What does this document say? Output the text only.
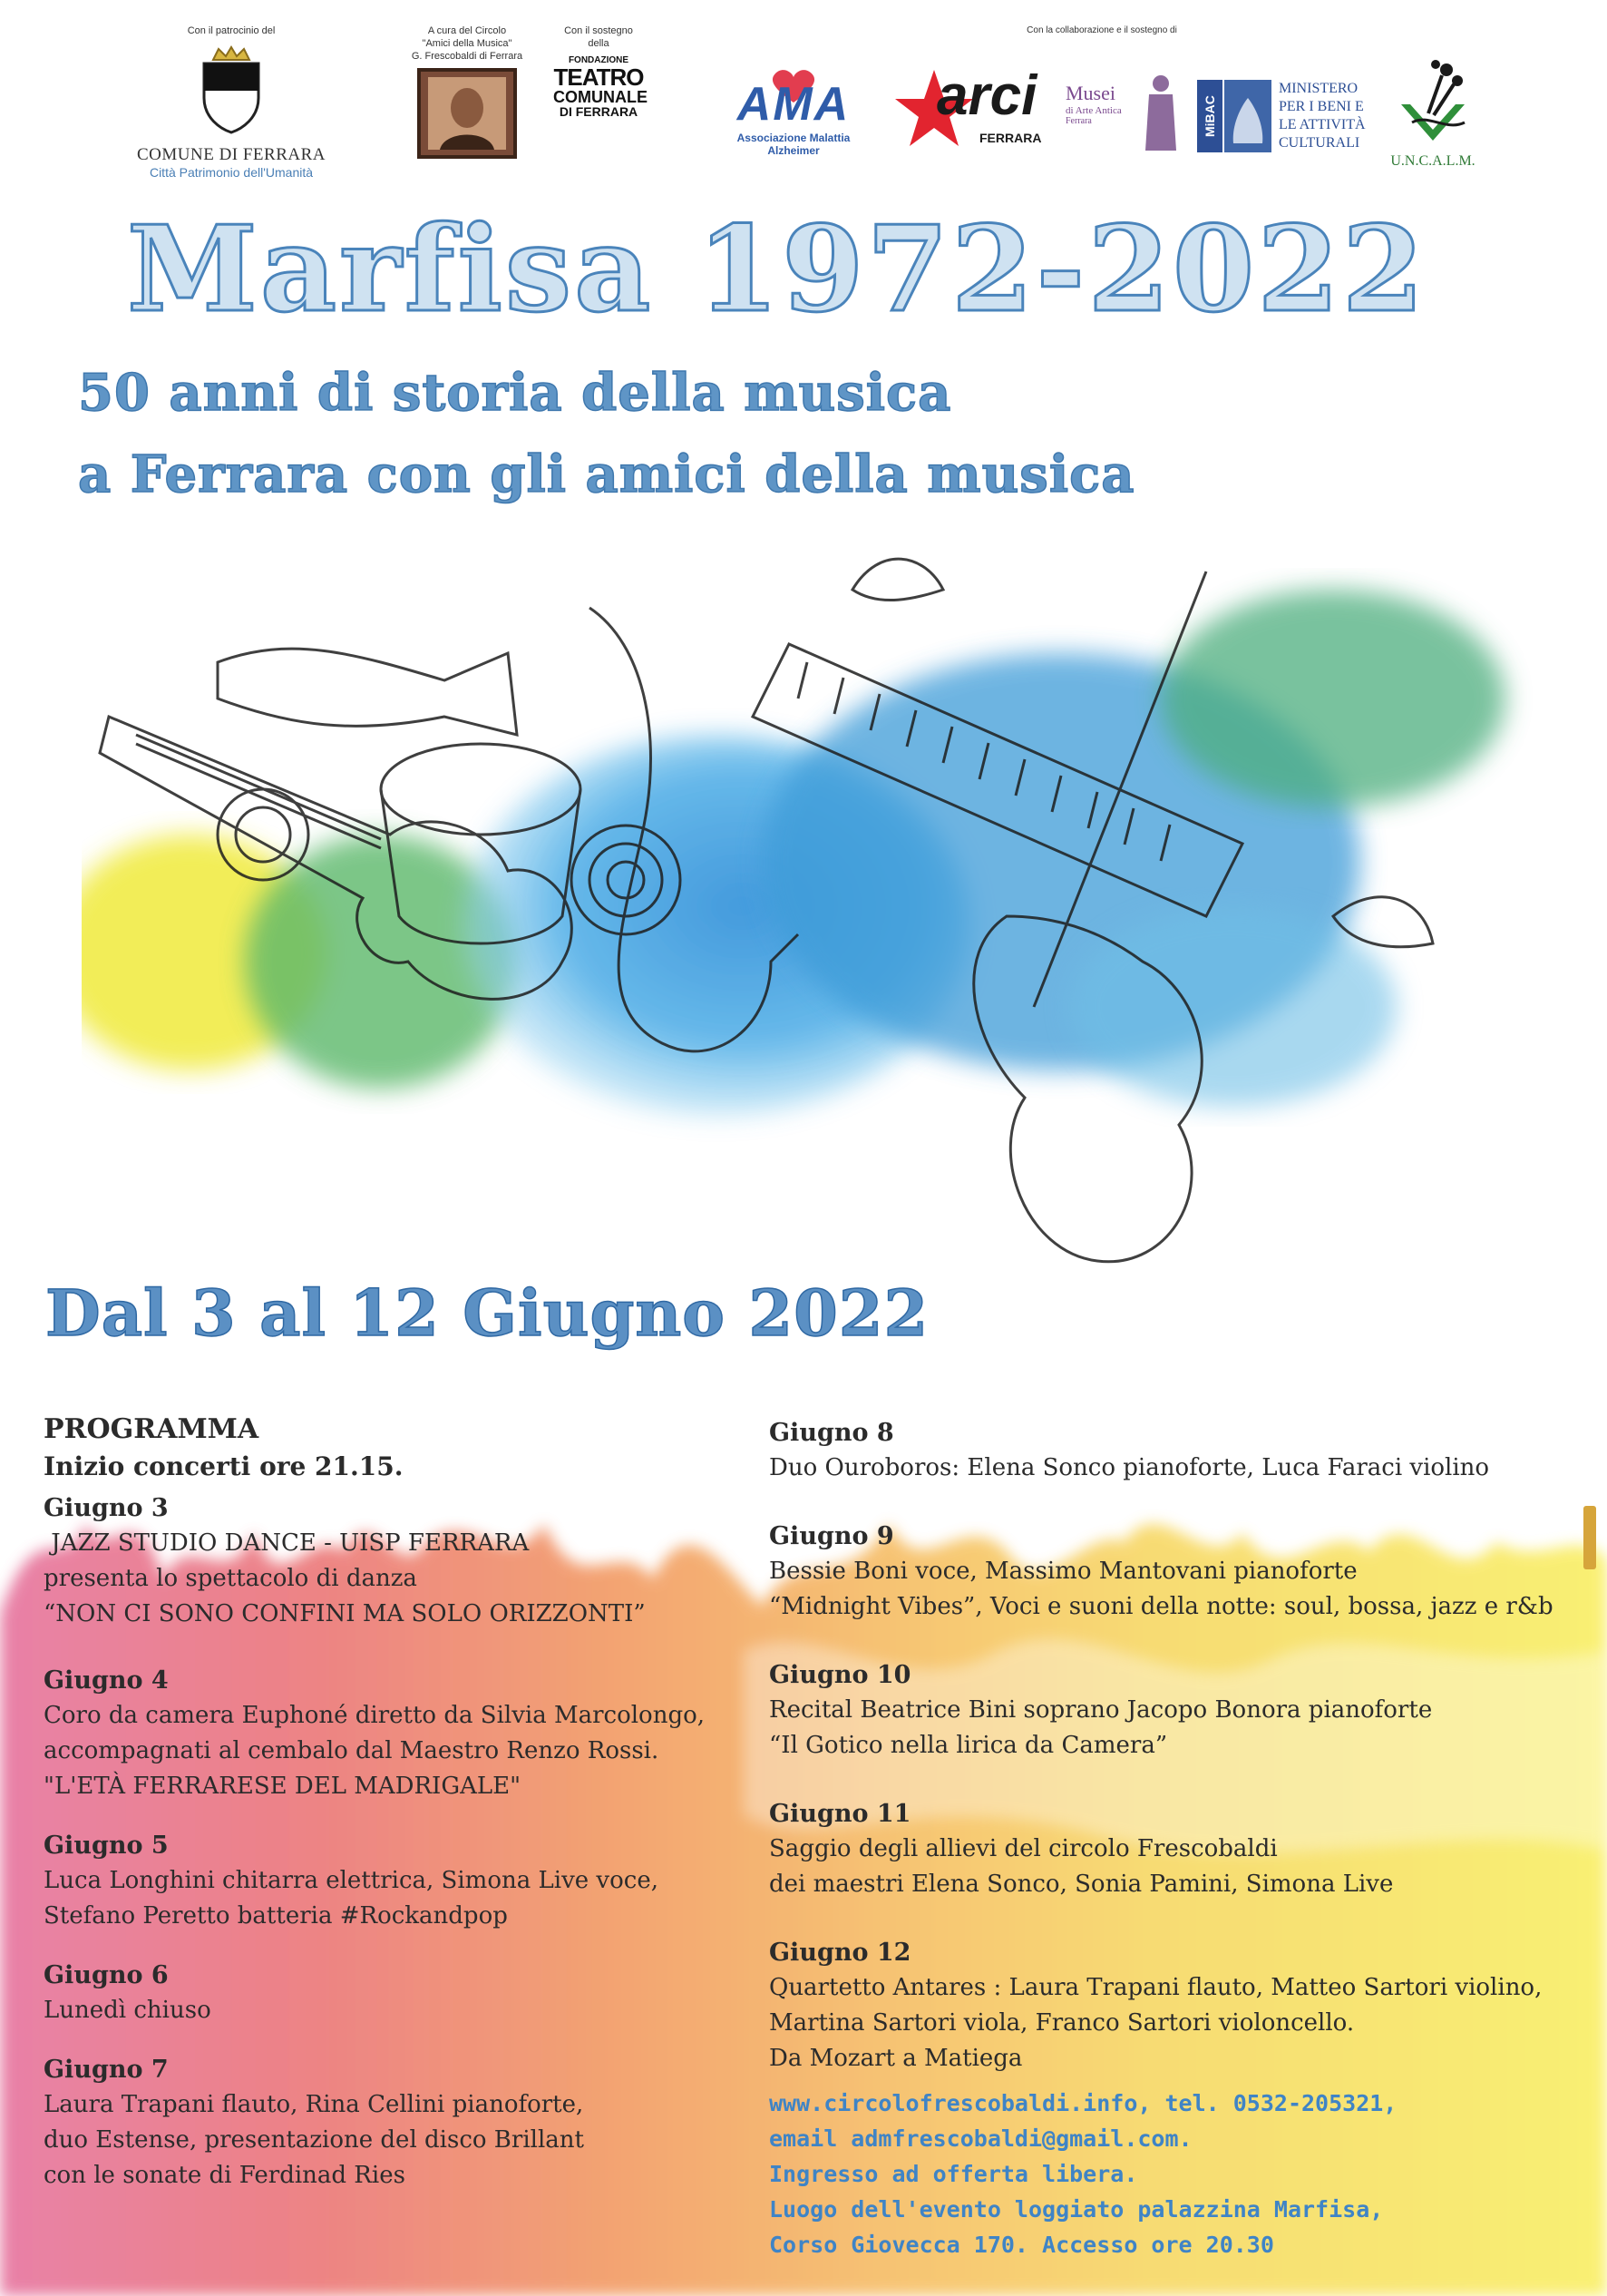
Con il patrocinio del
COMUNE DI FERRARA
Città Patrimonio dell'Umanità
A cura del Circolo
"Amici della Musica"
G. Frescobaldi di Ferrara
Con il sostegno
della
FONDAZIONE
TEATRO
COMUNALE
DI FERRARA
Con la collaborazione e il sostegno di
AMA
Associazione Malattia Alzheimer
arci
FERRARA
Musei
di Arte Antica
Ferrara	MiBAC
MINISTERO
PER I BENI E
LE ATTIVITÀ
CULTURALI
U.N.C.A.L.M.
Marfisa 1972-2022
50 anni di storia della musica
a Ferrara con gli amici della musica
Dal 3 al 12 Giugno 2022
PROGRAMMA
Inizio concerti ore 21.15.
Giugno 3
JAZZ STUDIO DANCE - UISP FERRARA
presenta lo spettacolo di danza
“NON CI SONO CONFINI MA SOLO ORIZZONTI”
Giugno 4
Coro da camera Euphoné diretto da Silvia Marcolongo,
accompagnati al cembalo dal Maestro Renzo Rossi.
"L'ETÀ FERRARESE DEL MADRIGALE"
Giugno 5
Luca Longhini chitarra elettrica, Simona Live voce,
Stefano Peretto batteria #Rockandpop
Giugno 6
Lunedì chiuso
Giugno 7
Laura Trapani flauto, Rina Cellini pianoforte,
duo Estense, presentazione del disco Brillant
con le sonate di Ferdinad Ries
Giugno 8
Duo Ouroboros: Elena Sonco pianoforte, Luca Faraci violino
Giugno 9
Bessie Boni voce, Massimo Mantovani pianoforte
“Midnight Vibes”, Voci e suoni della notte: soul, bossa, jazz e r&b
Giugno 10
Recital Beatrice Bini soprano Jacopo Bonora pianoforte
“Il Gotico nella lirica da Camera”
Giugno 11
Saggio degli allievi del circolo Frescobaldi
dei maestri Elena Sonco, Sonia Pamini, Simona Live
Giugno 12
Quartetto Antares : Laura Trapani flauto, Matteo Sartori violino,
Martina Sartori viola, Franco Sartori violoncello.
Da Mozart a Matiega
www.circolofrescobaldi.info, tel. 0532-205321,
email admfrescobaldi@gmail.com.
Ingresso ad offerta libera.
Luogo dell'evento loggiato palazzina Marfisa,
Corso Giovecca 170. Accesso ore 20.30
